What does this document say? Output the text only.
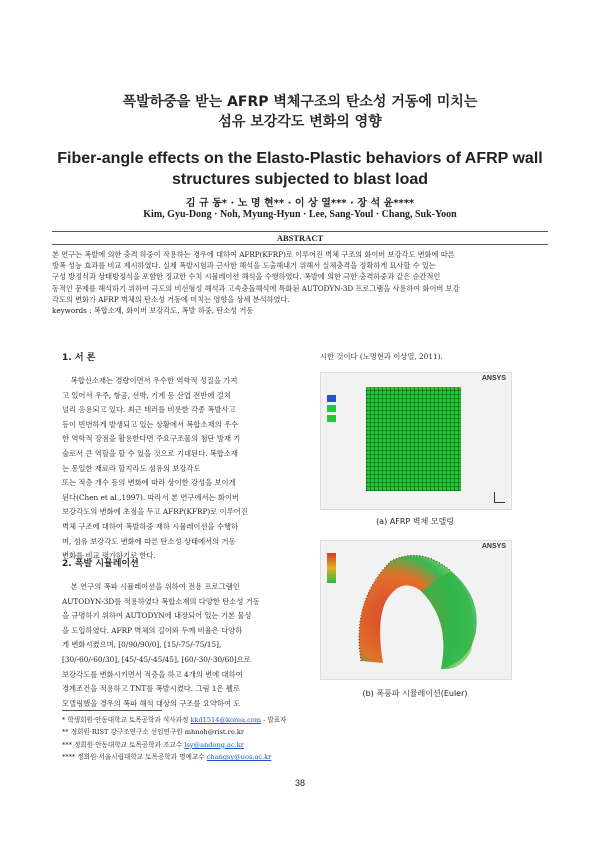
폭발하중을 받는 AFRP 벽체구조의 탄소성 거동에 미치는
섬유 보강각도 변화의 영향
Fiber-angle effects on the Elasto-Plastic behaviors of AFRP wall
structures subjected to blast load
김 규 동* · 노 명 현** · 이 상 열*** · 장 석 윤****
Kim, Gyu-Dong · Noh, Myung-Hyun · Lee, Sang-Youl · Chang, Suk-Yoon
ABSTRACT
본 연구는 폭발에 의한 충격 하중이 작용하는 경우에 대하여 AFRP(KFRP)로 이루어진 벽체 구조의 화이버 보강각도 변화에 따른
방폭 성능 효과를 비교 제시하였다. 실제 폭발시험과 근사한 해석을 도출해내기 위해서 실체충격을 정확하게 묘사할 수 있는
구성 방정식과 상태방정식을 포함한 정교한 수치 시뮬레이션 해석을 수행하였다. 폭발에 의한 극한 충격하중과 같은 순간적인
동적인 문제를 해석하기 위하여 극도의 비선형성 해석과 고속충돌해석에 특화된 AUTODYN-3D 프로그램을 사용하여 화이버 보강
각도의 변화가 AFRP 벽체의 탄소성 거동에 미치는 영향을 상세 분석하였다.
keywords : 복합소재, 화이버 보강각도, 폭발 하중, 탄소성 거동
1. 서 론
복합신소재는 경량이면서 우수한 역학적 성질을 가져
고 있어서 우주, 항공, 선박, 기계 등 산업 전반에 걸쳐
널리 응용되고 있다. 최근 테러를 비롯한 각종 폭발사고
등이 빈번하게 발생되고 있는 상황에서 복합소재의 우수
한 역학적 장점을 활용한다면 주요구조물의 첨단 방재 기
술로서 큰 역할을 할 수 있을 것으로 기대된다. 복합소재
는 동일한 재료라 할지라도 섬유의 보강각도
또는 적층 개수 등의 변화에 따라 상이한 강성을 보이게
된다(Chen et al.,1997). 따라서 본 연구에서는 화이버
보강각도의 변화에 초점을 두고 AFRP(KFRP)로 이루어진
벽체 구조에 대하여 폭발하중 재하 시뮬레이션을 수행하
며, 섬유 보강각도 변화에 따른 탄소성 상태에서의 거동
변화를 비교 평가하기로 한다.
2. 폭발 시뮬레이션
본 연구의 폭파 시뮬레이션을 위하여 전용 프로그램인
AUTODYN-3D를 적용하였다 복합소재의 다양한 탄소성 거동
을 규명하기 위하여 AUTODYN에 내장되어 있는 기본 물성
을 도입하였다. AFRP 벽체의 길이와 두께 비율은 다양하
게 변화시켰으며, [0/90/90/0], [15/-75/-75/15],
[30/-60/-60/30], [45/-45/-45/45], [60/-30/-30/60]으로
보강각도를 변화시키면서 적층을 하고 4개의 변에 대하여
경계조건을 적용하고 TNT를 폭발시켰다. 그림 1은 웰로
모델링했을 경우의 폭파 해석 대상의 구조를 요약하여 도
시한 것이다 (노명현과 이상열, 2011).
ANSYS
(a) AFRP 벽체 모델링
ANSYS
(b) 폭풍파 시뮬레이션(Euler)
* 학생회원·안동대학교 토목공학과 석사과정 kkd1514@korea.com - 발표자
** 정회원·RIST 강구조연구소 선임연구원 mhnoh@rist.re.kr
*** 정회원·안동대학교 토목공학과 조교수 lsy@andong.ac.kr
**** 정회원·서울시립대학교 토목공학과 명예교수 changsy@uos.ac.kr
38
